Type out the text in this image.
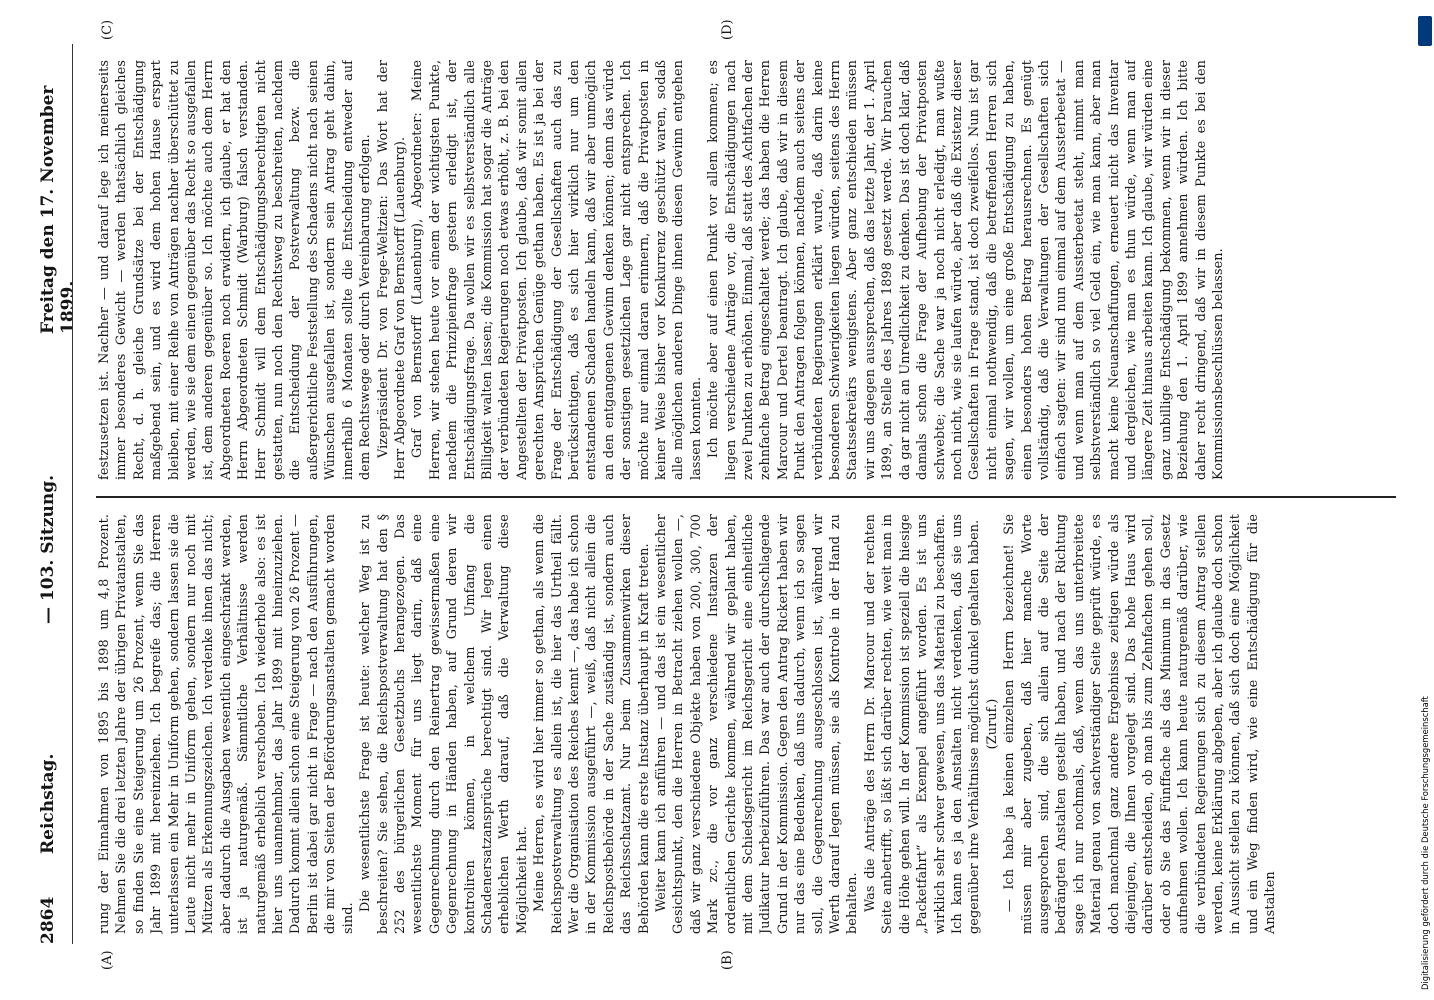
2864
Reichstag.
— 103. Sitzung.
Freitag den 17. November 1899.
(A)	(B)
(C)	(D)

rung der Einnahmen von 1895 bis 1898 um 4,8 Prozent. Nehmen Sie die drei letzten Jahre der übrigen Privatanstalten, so finden Sie eine Steigerung um 26 Prozent, wenn Sie das Jahr 1899 mit hereinziehen. Ich begreife das; die Herren unterlassen ein Mehr in Uniform gehen, sondern lassen sie die Leute nicht mehr in Uniform gehen, sondern nur noch mit Mützen als Erkennungszeichen. Ich verdenke ihnen das nicht; aber dadurch die Ausgaben wesentlich eingeschränkt werden, ist ja naturgemäß. Sämmtliche Verhältnisse werden naturgemäß erheblich verschoben. Ich wiederhole also: es ist hier uns unannehmbar, das Jahr 1899 mit hineinzuziehen. Dadurch kommt allein schon eine Steigerung von 26 Prozent — Berlin ist dabei gar nicht in Frage — nach den Ausführungen, die mir von Seiten der Beförderungsanstalten gemacht worden sind.

Die wesentlichste Frage ist heute: welcher Weg ist zu beschreiten? Sie sehen, die Reichspostverwaltung hat den § 252 des bürgerlichen Gesetzbuchs herangezogen. Das wesentlichste Moment für uns liegt darin, daß eine Gegenrechnung durch den Reinertrag gewissermaßen eine Gegenrechnung in Händen haben, auf Grund deren wir kontroliren können, in welchem Umfang die Schadenersatzansprüche berechtigt sind. Wir legen einen erheblichen Werth darauf, daß die Verwaltung diese Möglichkeit hat. Meine Herren, es wird hier immer so gethan, als wenn die Reichspostverwaltung es allein ist, die hier das Urtheil fällt. Wer die Organisation des Reiches kennt —, das habe ich schon in der Kommission ausgeführt —, weiß, daß nicht allein die Reichspostbehörde in der Sache zuständig ist, sondern auch das Reichsschatzamt. Nur beim Zusammenwirken dieser Behörden kann die erste Instanz überhaupt in Kraft treten. Weiter kann ich anführen — und das ist ein wesentlicher Gesichtspunkt, den die Herren in Betracht ziehen wollen —, daß wir ganz verschiedene Objekte haben von 200, 300, 700 Mark zc., die vor ganz verschiedene Instanzen der ordentlichen Gerichte kommen, während wir geplant haben, mit dem Schiedsgericht im Reichsgericht eine einheitliche Judikatur herbeizuführen. Das war auch der durchschlagende Grund in der Kommission. Gegen den Antrag Rickert haben wir nur das eine Bedenken, daß uns dadurch, wenn ich so sagen soll, die Gegenrechnung ausgeschlossen ist, während wir Werth darauf legen müssen, sie als Kontrole in der Hand zu behalten. Was die Anträge des Herrn Dr. Marcour und der rechten Seite anbetrifft, so läßt sich darüber rechten, wie weit man in die Höhe gehen will. In der Kommission ist speziell die hiesige „Packetfahrt“ als Exempel angeführt worden. Es ist uns wirklich sehr schwer gewesen, uns das Material zu beschaffen. Ich kann es ja den Anstalten nicht verdenken, daß sie uns gegenüber ihre Verhältnisse möglichst dunkel gehalten haben. (Zuruf.) — Ich habe ja keinen einzelnen Herrn bezeichnet! Sie müssen mir aber zugeben, daß hier manche Worte ausgesprochen sind, die sich allein auf die Seite der bedrängten Anstalten gestellt haben, und nach der Richtung sage ich nur nochmals, daß, wenn das uns unterbreitete Material genau von sachverständiger Seite geprüft würde, es doch manchmal ganz andere Ergebnisse zeitigen würde als diejenigen, die Ihnen vorgelegt sind. Das hohe Haus wird darüber entscheiden, ob man bis zum Zehnfachen gehen soll, oder ob Sie das Fünffache als das Minimum in das Gesetz aufnehmen wollen. Ich kann heute naturgemäß darüber, wie die verbündeten Regierungen sich zu diesem Antrag stellen werden, keine Erklärung abgeben, aber ich glaube doch schon in Aussicht stellen zu können, daß sich doch eine Möglichkeit und ein Weg finden wird, wie eine Entschädigung für die Anstalten

festzusetzen ist. Nachher — und darauf lege ich meinerseits immer besonderes Gewicht — werden thatsächlich gleiches Recht, d. h. gleiche Grundsätze bei der Entschädigung maßgebend sein, und es wird dem hohen Hause erspart bleiben, mit einer Reihe von Anträgen nachher überschüttet zu werden, wie sie dem einen gegenüber das Recht so ausgefallen ist, dem anderen gegenüber so. Ich möchte auch dem Herrn Abgeordneten Roeren noch erwidern, ich glaube, er hat den Herrn Abgeordneten Schmidt (Warburg) falsch verstanden. Herr Schmidt will dem Entschädigungsberechtigten nicht gestatten, nun noch den Rechtsweg zu beschreiten, nachdem die Entscheidung der Postverwaltung bezw. die außergerichtliche Feststellung des Schadens nicht nach seinen Wünschen ausgefallen ist, sondern sein Antrag geht dahin, innerhalb 6 Monaten sollte die Entscheidung entweder auf dem Rechtswege oder durch Vereinbarung erfolgen. Vizepräsident Dr. von Frege-Weltzien: Das Wort hat der Herr Abgeordnete Graf von Bernstorff (Lauenburg). Graf von Bernstorff (Lauenburg), Abgeordneter: Meine Herren, wir stehen heute vor einem der wichtigsten Punkte, nachdem die Prinzipienfrage gestern erledigt ist, der Entschädigungsfrage. Da wollen wir es selbstverständlich alle Billigkeit walten lassen; die Kommission hat sogar die Anträge der verbündeten Regierungen noch etwas erhöht, z. B. bei den Angestellten der Privatposten. Ich glaube, daß wir somit allen gerechten Ansprüchen Genüge gethan haben. Es ist ja bei der Frage der Entschädigung der Gesellschaften auch das zu berücksichtigen, daß es sich hier wirklich nur um den entstandenen Schaden handeln kann, daß wir aber unmöglich an den entgangenen Gewinn denken können; denn das würde der sonstigen gesetzlichen Lage gar nicht entsprechen. Ich möchte nur einmal daran erinnern, daß die Privatposten in keiner Weise bisher vor Konkurrenz geschützt waren, sodaß alle möglichen anderen Dinge ihnen diesen Gewinn entgehen lassen konnten. Ich möchte aber auf einen Punkt vor allem kommen; es liegen verschiedene Anträge vor, die Entschädigungen nach zwei Punkten zu erhöhen. Einmal, daß statt des Achtfachen der zehnfache Betrag eingeschaltet werde; das haben die Herren Marcour und Dertel beantragt. Ich glaube, daß wir in diesem Punkt den Antragen folgen können, nachdem auch seitens der verbündeten Regierungen erklärt wurde, daß darin keine besonderen Schwierigkeiten liegen würden, seitens des Herrn Staatssekretärs wenigstens. Aber ganz entschieden müssen wir uns dagegen aussprechen, daß das letzte Jahr, der 1. April 1899, an Stelle des Jahres 1898 gesetzt werde. Wir brauchen da gar nicht an Unredlichkeit zu denken. Das ist doch klar, daß damals schon die Frage der Aufhebung der Privatposten schwebte; die Sache war ja noch nicht erledigt, man wußte noch nicht, wie sie laufen würde, aber daß die Existenz dieser Gesellschaften in Frage stand, ist doch zweifellos. Nun ist gar nicht einmal nothwendig, daß die betreffenden Herren sich sagen, wir wollen, um eine große Entschädigung zu haben, einen besonders hohen Betrag herausrechnen. Es genügt vollständig, daß die Verwaltungen der Gesellschaften sich einfach sagten: wir sind nun einmal auf dem Aussterbeetat — und wenn man auf dem Aussterbeetat steht, nimmt man selbstverständlich so viel Geld ein, wie man kann, aber man macht keine Neuanschaffungen, erneuert nicht das Inventar und dergleichen, wie man es thun würde, wenn man auf längere Zeit hinaus arbeiten kann. Ich glaube, wir würden eine ganz unbillige Entschädigung bekommen, wenn wir in dieser Beziehung den 1. April 1899 annehmen würden. Ich bitte daher recht dringend, daß wir in diesem Punkte es bei den Kommissionsbeschlüssen belassen.

Digitalisierung gefördert durch die Deutsche Forschungsgemeinschaft
